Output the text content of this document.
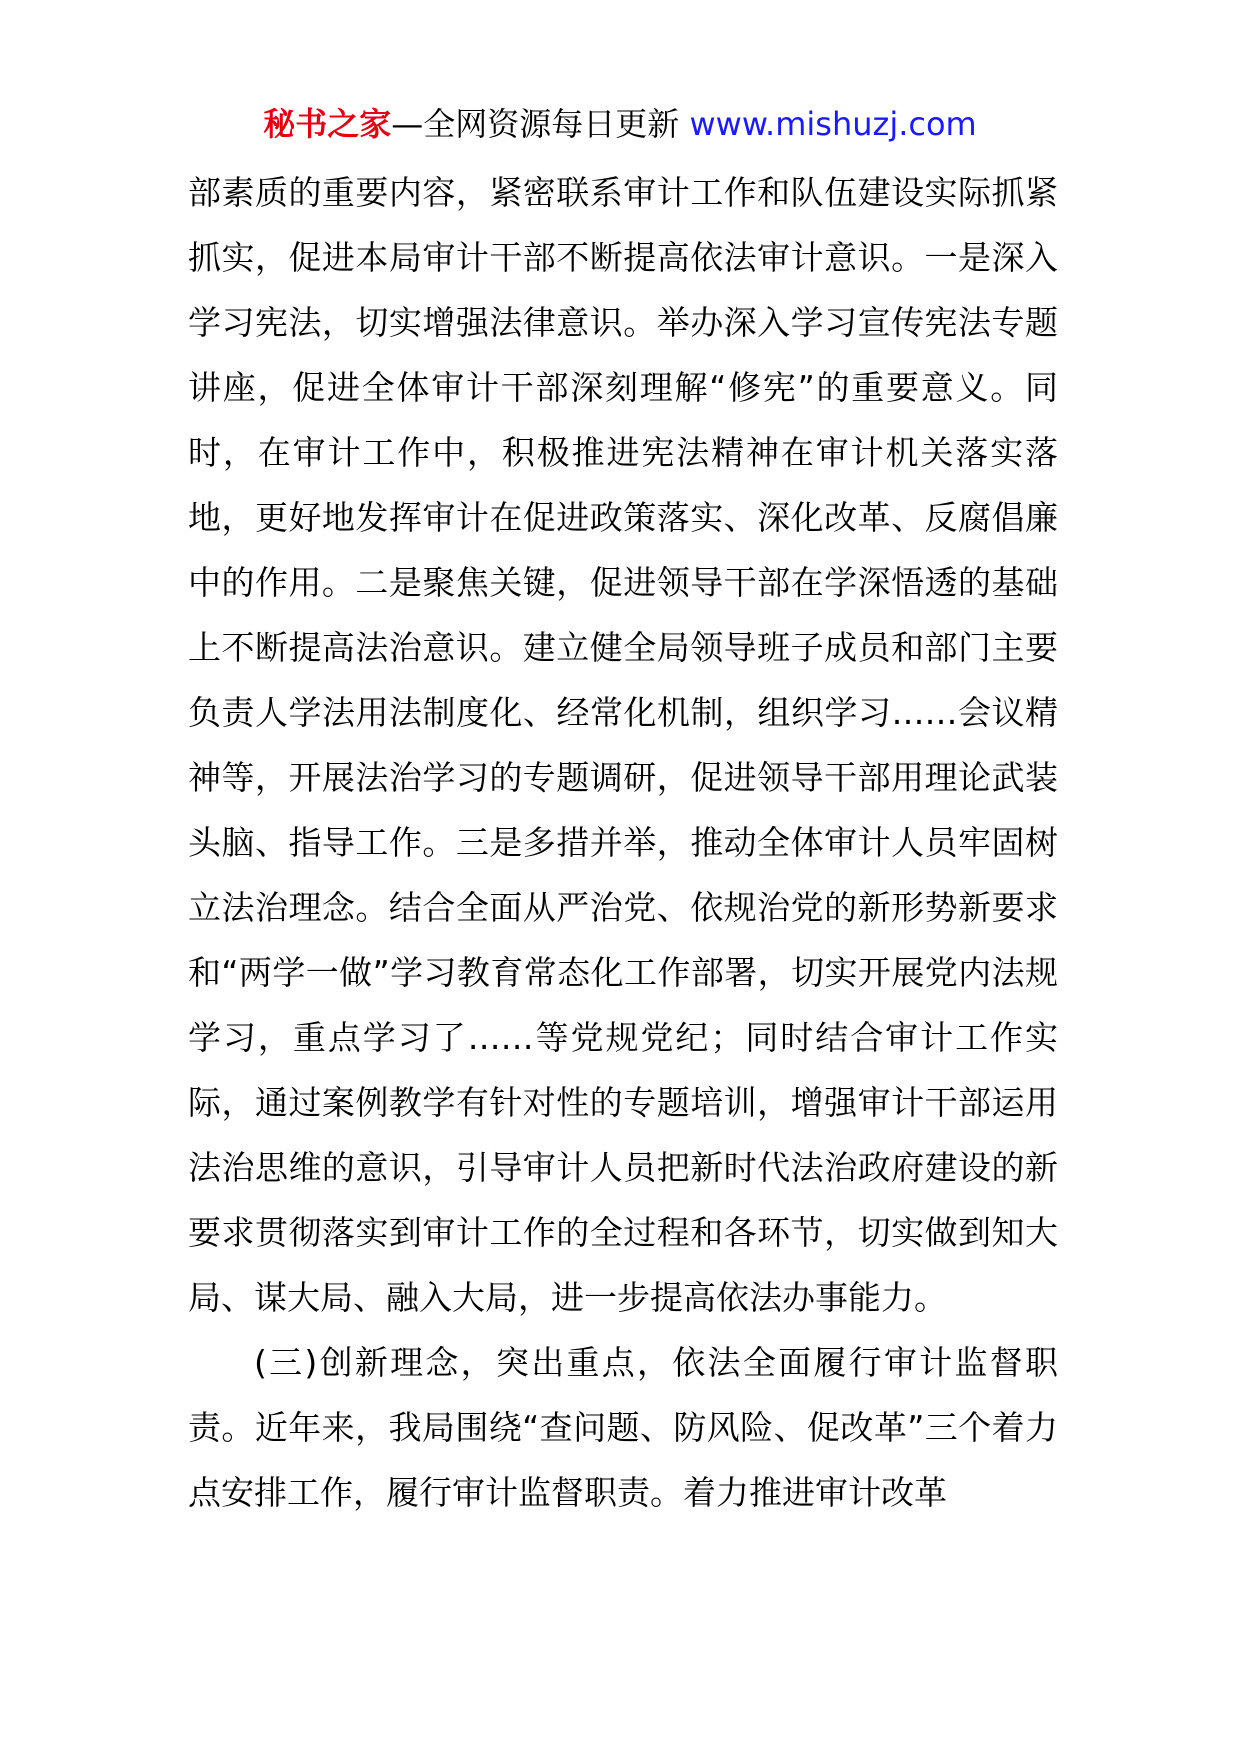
秘书之家—全网资源每日更新 www.mishuzj.com

部素质的重要内容，紧密联系审计工作和队伍建设实际抓紧抓实，促进本局审计干部不断提高依法审计意识。一是深入学习宪法，切实增强法律意识。举办深入学习宣传宪法专题讲座，促进全体审计干部深刻理解“修宪”的重要意义。同时，在审计工作中，积极推进宪法精神在审计机关落实落地，更好地发挥审计在促进政策落实、深化改革、反腐倡廉中的作用。二是聚焦关键，促进领导干部在学深悟透的基础上不断提高法治意识。建立健全局领导班子成员和部门主要负责人学法用法制度化、经常化机制，组织学习……会议精神等，开展法治学习的专题调研，促进领导干部用理论武装头脑、指导工作。三是多措并举，推动全体审计人员牢固树立法治理念。结合全面从严治党、依规治党的新形势新要求和“两学一做”学习教育常态化工作部署，切实开展党内法规学习，重点学习了……等党规党纪；同时结合审计工作实际，通过案例教学有针对性的专题培训，增强审计干部运用法治思维的意识，引导审计人员把新时代法治政府建设的新要求贯彻落实到审计工作的全过程和各环节，切实做到知大局、谋大局、融入大局，进一步提高依法办事能力。

(三)创新理念，突出重点，依法全面履行审计监督职责。近年来，我局围绕“查问题、防风险、促改革”三个着力点安排工作，履行审计监督职责。着力推进审计改革
